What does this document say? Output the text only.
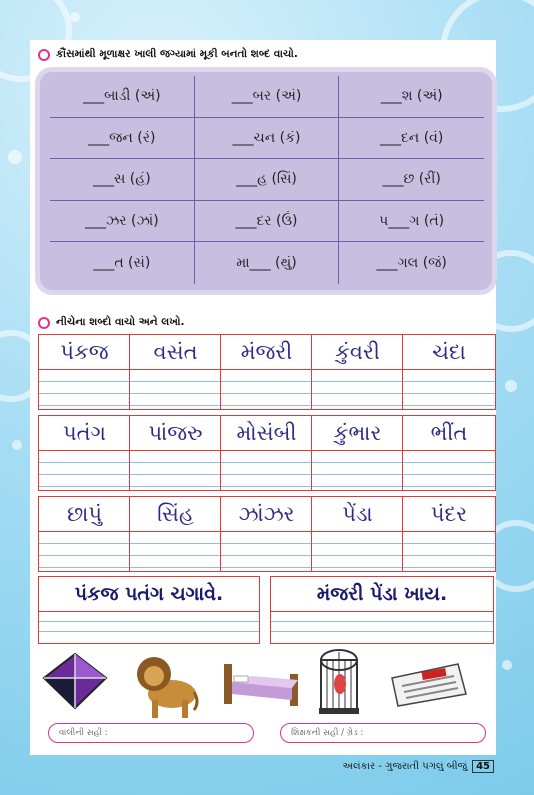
કૌંસમાંથી મૂળાક્ષર ખાલી જગ્યામાં મૂકી બનતો શબ્દ વાચો.
___બાડી (અં)	___બર (અં)	___શ (અં)
___જન (રં)	___ચન (કં)	___દન (વં)
___સ (હં)	___હ (સિં)	___છ (રીં)
___ઝર (ઝાં)	___દર (ઉં)	પ___ગ (તં)
___ત (સં)	મા___ (થું)	___ગલ (જં)
નીચેના શબ્દો વાચો અને લખો.
પંકજ	વસંત	મંજરી	કુંવરી	ચંદા
પતંગ	પાંજરુ	મોસંબી	કુંભાર	ભીંત
છાપું	સિંહ	ઝાંઝર	પેંડા	પંદર
પંકજ પતંગ ચગાવે.	મંજરી પેંડા ખાય.
વાલીની સહી :	શિક્ષકની સહી / ગ્રેડ :
અલંકાર - ગુજરાતી પગલું બીજું 45
